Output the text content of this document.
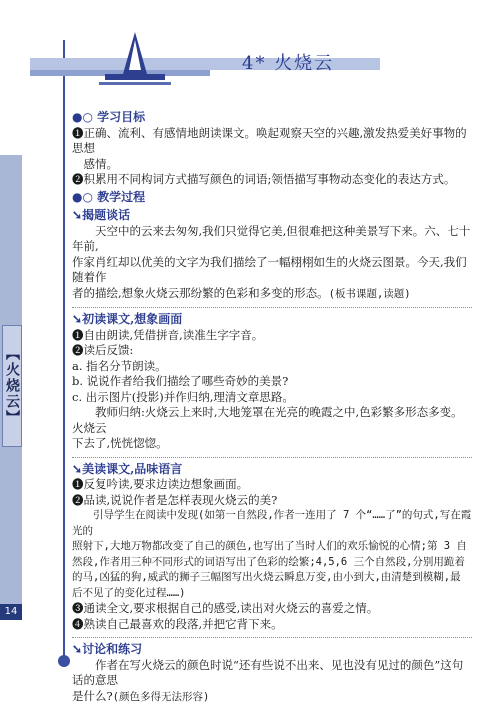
【火烧云】
14
4* 火烧云
●○ 学习目标

❶正确、流利、有感情地朗读课文。唤起观察天空的兴趣,激发热爱美好事物的思想

感情。

❷积累用不同构词方式描写颜色的词语;领悟描写事物动态变化的表达方式。

●○ 教学过程
➘揭题谈话

天空中的云来去匆匆,我们只觉得它美,但很难把这种美景写下来。六、七十年前,

作家肖红却以优美的文字为我们描绘了一幅栩栩如生的火烧云图景。今天,我们随着作

者的描绘,想象火烧云那纷繁的色彩和多变的形态。(板书课题,读题)

➘初读课文,想象画面

❶自由朗读,凭借拼音,读准生字字音。

❷读后反馈:

a. 指名分节朗读。

b. 说说作者给我们描绘了哪些奇妙的美景?

c. 出示图片(投影)并作归纳,理清文章思路。

教师归纳:火烧云上来时,大地笼罩在光亮的晚霞之中,色彩繁多形态多变。火烧云

下去了,恍恍惚惚。

➘美读课文,品味语言

❶反复吟读,要求边读边想象画面。

❷品读,说说作者是怎样表现火烧云的美?

引导学生在阅读中发现(如第一自然段,作者一连用了 7 个“……了”的句式,写在霞光的

照射下,大地万物都改变了自己的颜色,也写出了当时人们的欢乐愉悦的心情;第 3 自

然段,作者用三种不同形式的词语写出了色彩的绘繁;4,5,6 三个自然段,分别用跪着

的马,凶猛的狗,威武的狮子三幅图写出火烧云瞬息万变,由小到大,由清楚到模糊,最

后不见了的变化过程……)

❸通读全文,要求根据自己的感受,读出对火烧云的喜爱之情。

❹熟读自己最喜欢的段落,并把它背下来。

➘讨论和练习

作者在写火烧云的颜色时说“还有些说不出来、见也没有见过的颜色”这句话的意思

是什么?(颜色多得无法形容)
